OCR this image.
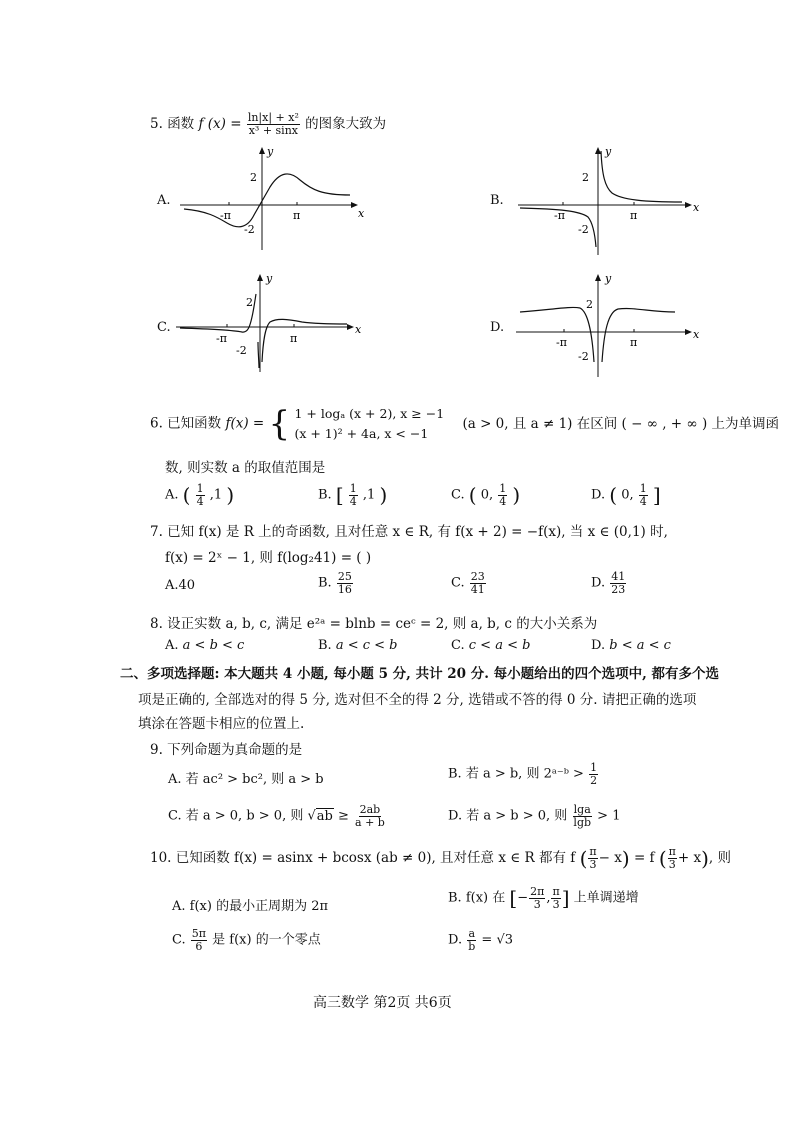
5. 函数 f $(x) = \frac{\text{ln|x| + x²}}{\text{x³ + sinx}}$ 的图象大致为
A.
y
x
2
-2
-π	π
B.
y
x
2
-2
-π	π
C.
y
x
2
-2
-π	π
D.
y
x
2
-2
-π	π
6. 已知函数 f(x) = { 1 + logₐ (x + 2), x ≥ −1
(x + 1)² + 4a, x < −1
(a > 0, 且 a ≠ 1) 在区间 ( − ∞ , + ∞ ) 上为单调函
数, 则实数 a 的取值范围是
A. ( $\frac{1}{4} ,1$ )	B. [ $\frac{1}{4} ,1$ )	C. ( 0, $\frac{1}{4}$ )	D. ( 0, $\frac{1}{4}$ ]
7. 已知 f(x) 是 R 上的奇函数, 且对任意 x ∈ R, 有 f(x + 2) = −f(x), 当 x ∈ (0,1) 时,
f(x) = 2ˣ − 1, 则 f(log₂41) = ( )
A.40	B. $\frac{25}{16}$	C. $\frac{23}{41}$	D. $\frac{41}{23}$
8. 设正实数 a, b, c, 满足 e²ᵃ = blnb = ceᶜ = 2, 则 a, b, c 的大小关系为
A. a < b < c	B. a < c < b	C. c < a < b	D. b < a < c
二、多项选择题: 本大题共 4 小题, 每小题 5 分, 共计 20 分. 每小题给出的四个选项中, 都有多个选
项是正确的, 全部选对的得 5 分, 选对但不全的得 2 分, 选错或不答的得 0 分. 请把正确的选项
填涂在答题卡相应的位置上.
9. 下列命题为真命题的是
A. 若 ac² > bc², 则 a > b	B. 若 a > b, 则 2ᵃ⁻ᵇ > $\frac{1}{2}$
C. 若 a > 0, b > 0, 则 $√ab \ge \frac{2ab}{a + b}$	D. 若 a > b > 0, 则 $\frac{\lg a}{\lg b} > 1$
10. 已知函数 f(x) = asinx + bcosx (ab ≠ 0), 且对任意 x ∈ R 都有 f ( $\frac{\pi}{3} - x) = f$ ( $\frac{\pi}{3} + x$), 则
A. f(x) 的最小正周期为 2π
B. f(x) 在 [− $\frac{2\pi}{3}$ , $\frac{\pi}{3}$ ] 上单调递增
C. $\frac{5\pi}{6}$ 是 f(x) 的一个零点	D. $\frac{a}{b} = √3$
高三数学 第2页 共6页
